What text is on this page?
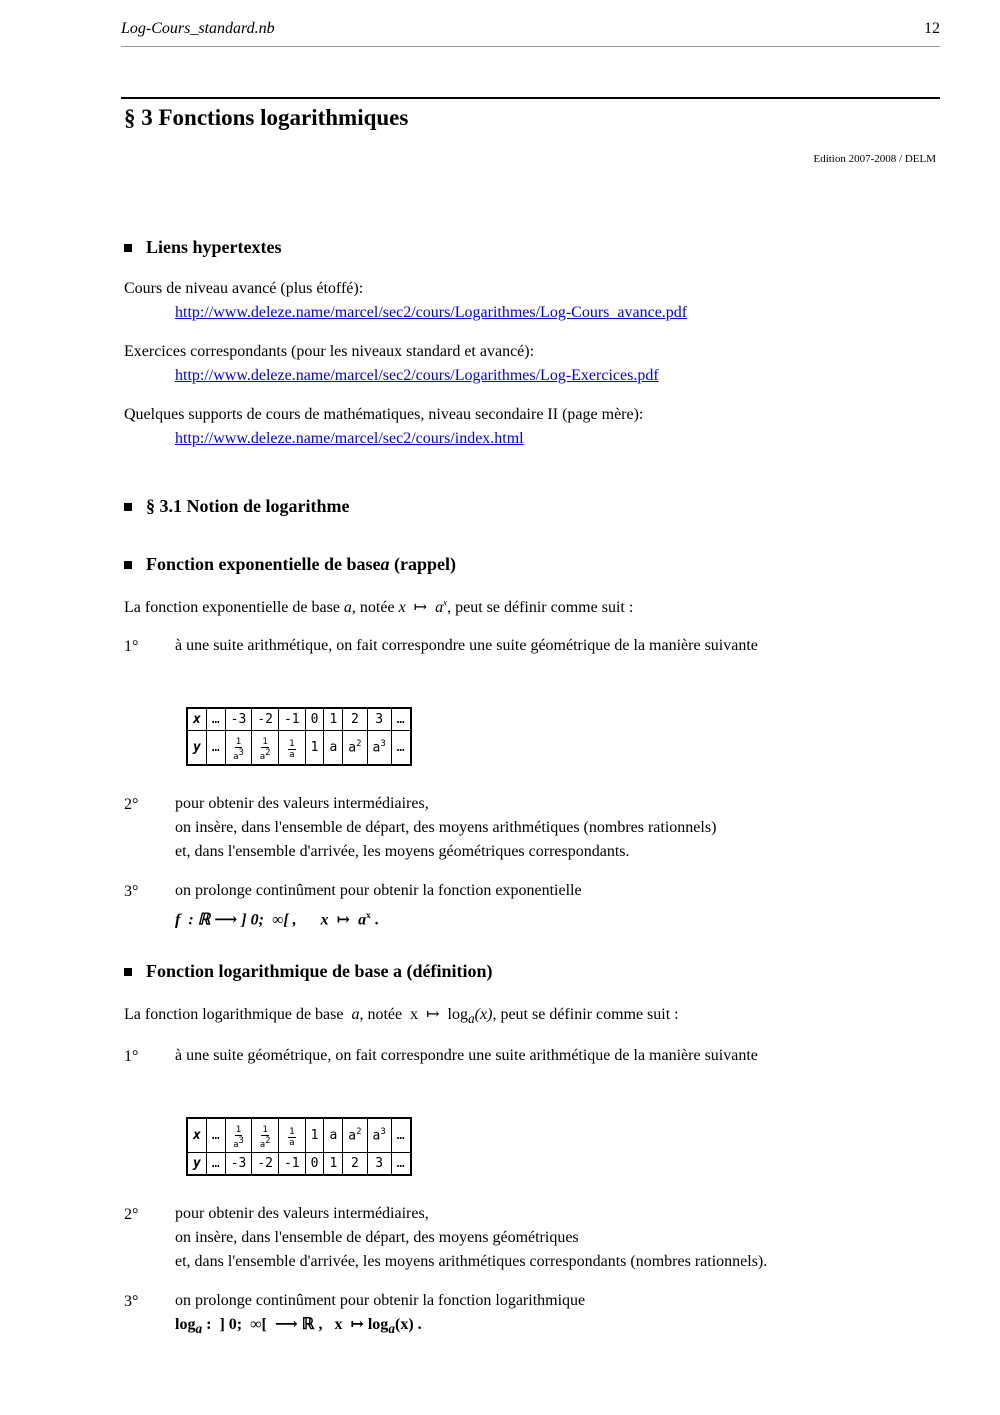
Log-Cours_standard.nb	12
§ 3 Fonctions logarithmiques
Edition 2007-2008 / DELM
Liens hypertextes
Cours de niveau avancé (plus étoffé):
http://www.deleze.name/marcel/sec2/cours/Logarithmes/Log-Cours_avance.pdf
Exercices correspondants (pour les niveaux standard et avancé):
http://www.deleze.name/marcel/sec2/cours/Logarithmes/Log-Exercices.pdf
Quelques supports de cours de mathématiques, niveau secondaire II (page mère):
http://www.deleze.name/marcel/sec2/cours/index.html
§ 3.1 Notion de logarithme
Fonction exponentielle de base a (rappel)
La fonction exponentielle de base a, notée x  ↦  $a^x$, peut se définir comme suit :
1° à une suite arithmétique, on fait correspondre une suite géométrique de la manière suivante
x	…	-3	-2	-1	0	1	2	3	…
y	…	$\frac{1}{a^3}$	$\frac{1}{a^2}$	$\frac{1}{a}$	1	a	$a^2$	$a^3$	…
2° pour obtenir des valeurs intermédiaires,
on insère, dans l'ensemble de départ, des moyens arithmétiques (nombres rationnels)
et, dans l'ensemble d'arrivée, les moyens géométriques correspondants.
3° on prolonge continûment pour obtenir la fonction exponentielle
f  : ℝ ⟶ ] 0;  ∞[ , x  ↦  $a^x$ .
Fonction logarithmique de base a (définition)
La fonction logarithmique de base  a, notée  x  ↦  $\log_a(x)$, peut se définir comme suit :
1° à une suite géométrique, on fait correspondre une suite arithmétique de la manière suivante
x	…	$\frac{1}{a^3}$	$\frac{1}{a^2}$	$\frac{1}{a}$	1	a	$a^2$	$a^3$	…
y	…	-3	-2	-1	0	1	2	3	…
2° pour obtenir des valeurs intermédiaires,
on insère, dans l'ensemble de départ, des moyens géométriques
et, dans l'ensemble d'arrivée, les moyens arithmétiques correspondants (nombres rationnels).
3° on prolonge continûment pour obtenir la fonction logarithmique
$\log_a$ :  ] 0;  ∞[  ⟶ ℝ ,   x  ↦ $\log_a(x)$ .
